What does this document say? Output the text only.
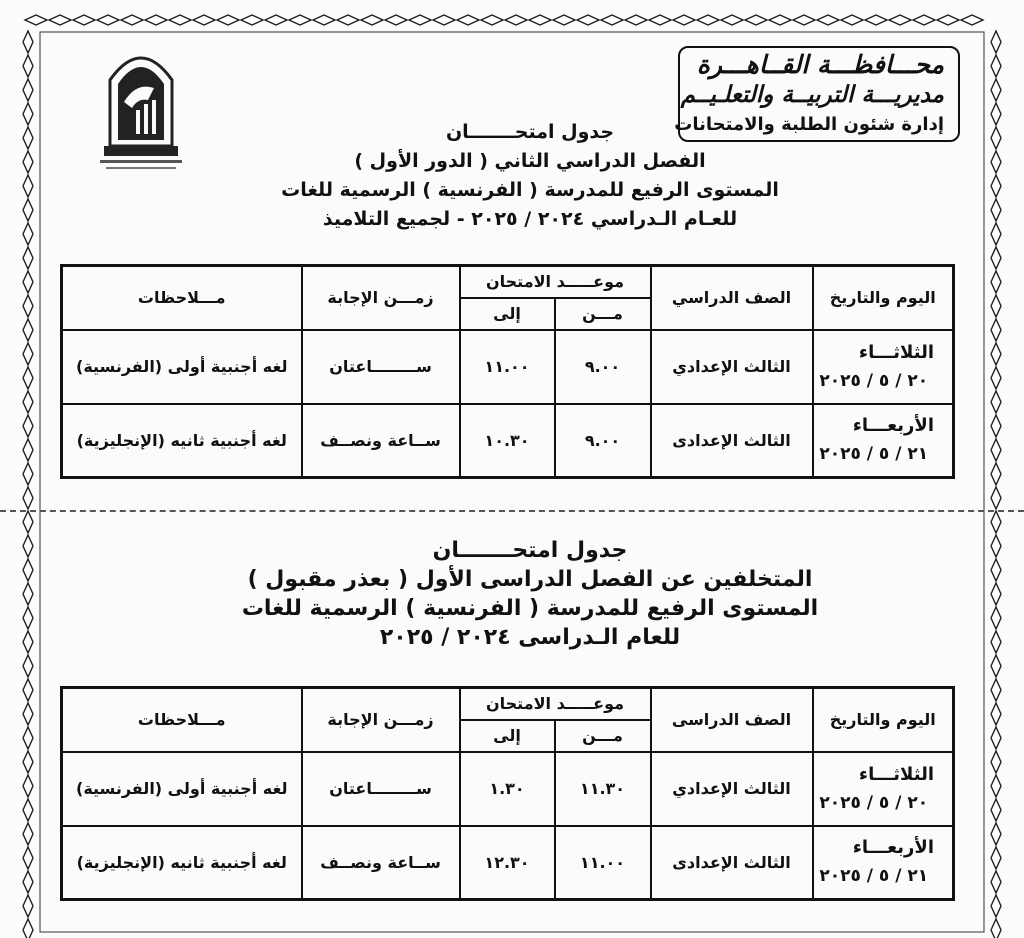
محـــافظـــة القــاهـــرة
مديريـــة التربيــة والتعلـيــم
إدارة شئون الطلبة والامتحانات
جدول امتحـــــــان
الفصل الدراسي الثاني ( الدور الأول )
المستوى الرفيع للمدرسة ( الفرنسية ) الرسمية للغات
للعـام الـدراسي ٢٠٢٤ / ٢٠٢٥ - لجميع التلاميذ
اليوم والتاريخ	الصف الدراسي	موعـــــد الامتحان		زمـــن الإجابة	مـــلاحظات
		مـــن	إلى		

الثلاثـــاء
٢٠ / ٥ / ٢٠٢٥	الثالث الإعدادي	٩.٠٠	١١.٠٠	ســــــــاعتان	لغه أجنبية أولى (الفرنسية)

الأربعـــاء
٢١ / ٥ / ٢٠٢٥	الثالث الإعدادى	٩.٠٠	١٠.٣٠	ســاعة ونصــف	لغه أجنبية ثانيه (الإنجليزية)
جدول امتحـــــــان
المتخلفين عن الفصل الدراسى الأول ( بعذر مقبول )
المستوى الرفيع للمدرسة ( الفرنسية ) الرسمية للغات
للعام الـدراسى ٢٠٢٤ / ٢٠٢٥
اليوم والتاريخ	الصف الدراسى	موعـــــد الامتحان		زمـــن الإجابة	مـــلاحظات
		مـــن	إلى		

الثلاثـــاء
٢٠ / ٥ / ٢٠٢٥	الثالث الإعدادي	١١.٣٠	١.٣٠	ســــــــاعتان	لغه أجنبية أولى (الفرنسية)

الأربعـــاء
٢١ / ٥ / ٢٠٢٥	الثالث الإعدادى	١١.٠٠	١٢.٣٠	ســاعة ونصــف	لغه أجنبية ثانيه (الإنجليزية)
